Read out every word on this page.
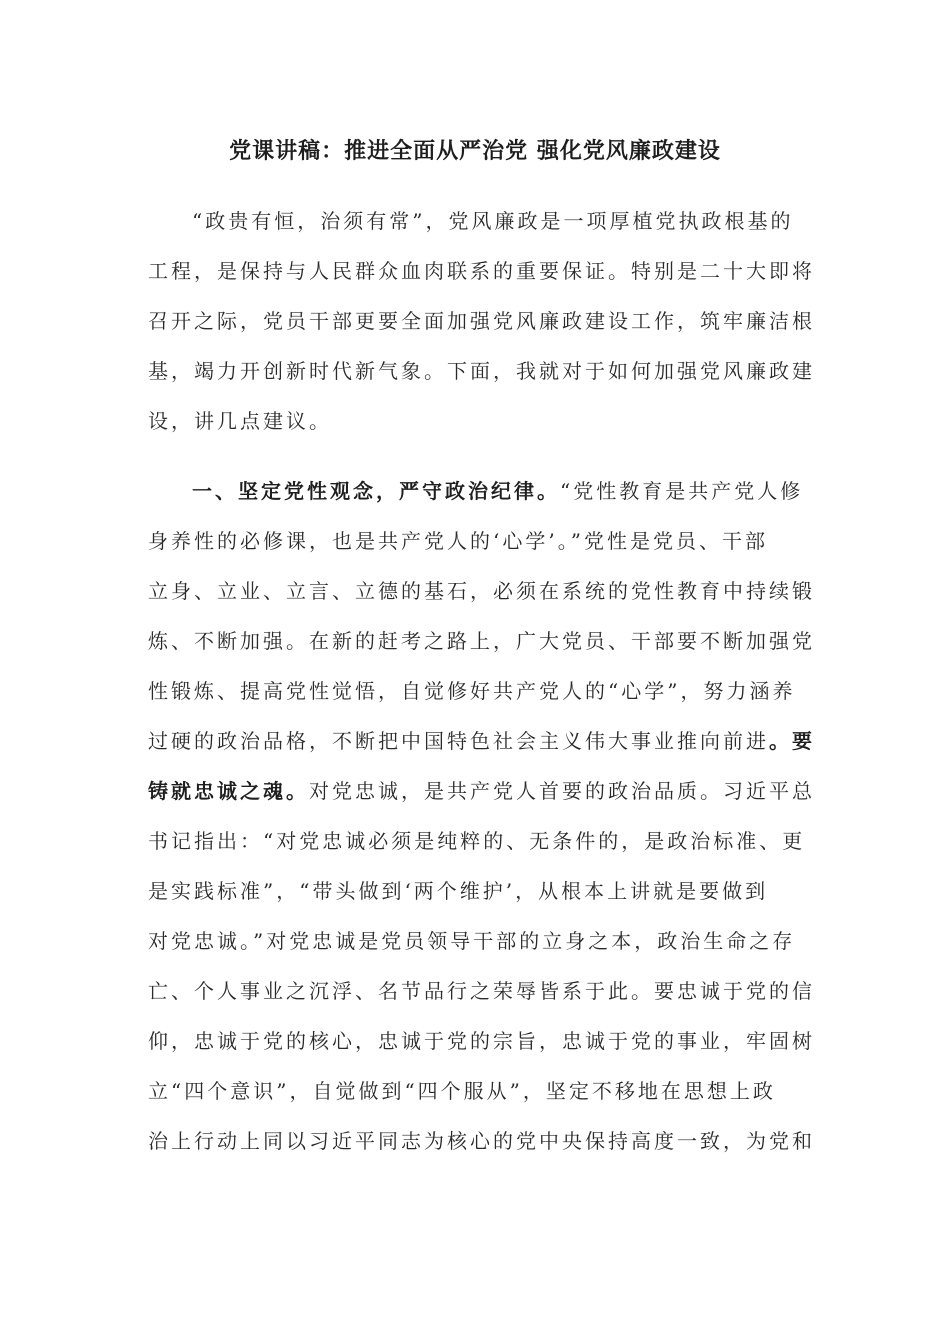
党课讲稿：推进全面从严治党 强化党风廉政建设
“政贵有恒，治须有常”，党风廉政是一项厚植党执政根基的
工程，是保持与人民群众血肉联系的重要保证。特别是二十大即将
召开之际，党员干部更要全面加强党风廉政建设工作，筑牢廉洁根
基，竭力开创新时代新气象。下面，我就对于如何加强党风廉政建
设，讲几点建议。
一、坚定党性观念，严守政治纪律。“党性教育是共产党人修
身养性的必修课，也是共产党人的‘心学’。”党性是党员、干部
立身、立业、立言、立德的基石，必须在系统的党性教育中持续锻
炼、不断加强。在新的赶考之路上，广大党员、干部要不断加强党
性锻炼、提高党性觉悟，自觉修好共产党人的“心学”，努力涵养
过硬的政治品格，不断把中国特色社会主义伟大事业推向前进。要
铸就忠诚之魂。对党忠诚，是共产党人首要的政治品质。习近平总
书记指出：“对党忠诚必须是纯粹的、无条件的，是政治标准、更
是实践标准”，“带头做到‘两个维护’，从根本上讲就是要做到
对党忠诚。”对党忠诚是党员领导干部的立身之本，政治生命之存
亡、个人事业之沉浮、名节品行之荣辱皆系于此。要忠诚于党的信
仰，忠诚于党的核心，忠诚于党的宗旨，忠诚于党的事业，牢固树
立“四个意识”，自觉做到“四个服从”，坚定不移地在思想上政
治上行动上同以习近平同志为核心的党中央保持高度一致，为党和
